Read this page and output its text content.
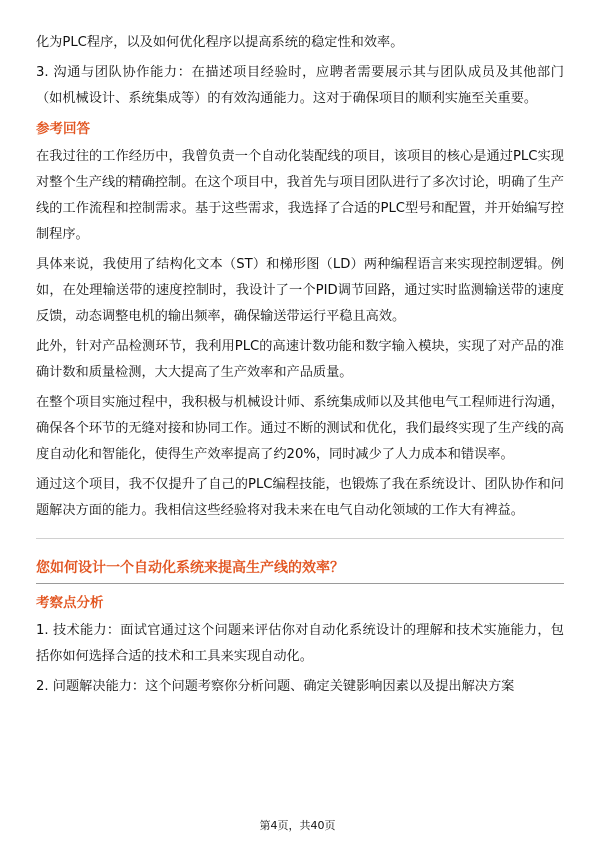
化为PLC程序，以及如何优化程序以提高系统的稳定性和效率。

3. 沟通与团队协作能力：在描述项目经验时，应聘者需要展示其与团队成员及其他部门（如机械设计、系统集成等）的有效沟通能力。这对于确保项目的顺利实施至关重要。

参考回答

在我过往的工作经历中，我曾负责一个自动化装配线的项目，该项目的核心是通过PLC实现对整个生产线的精确控制。在这个项目中，我首先与项目团队进行了多次讨论，明确了生产线的工作流程和控制需求。基于这些需求，我选择了合适的PLC型号和配置，并开始编写控制程序。

具体来说，我使用了结构化文本（ST）和梯形图（LD）两种编程语言来实现控制逻辑。例如，在处理输送带的速度控制时，我设计了一个PID调节回路，通过实时监测输送带的速度反馈，动态调整电机的输出频率，确保输送带运行平稳且高效。

此外，针对产品检测环节，我利用PLC的高速计数功能和数字输入模块，实现了对产品的准确计数和质量检测，大大提高了生产效率和产品质量。

在整个项目实施过程中，我积极与机械设计师、系统集成师以及其他电气工程师进行沟通，确保各个环节的无缝对接和协同工作。通过不断的测试和优化，我们最终实现了生产线的高度自动化和智能化，使得生产效率提高了约20%，同时减少了人力成本和错误率。

通过这个项目，我不仅提升了自己的PLC编程技能，也锻炼了我在系统设计、团队协作和问题解决方面的能力。我相信这些经验将对我未来在电气自动化领域的工作大有裨益。

您如何设计一个自动化系统来提高生产线的效率？
考察点分析

1. 技术能力：面试官通过这个问题来评估你对自动化系统设计的理解和技术实施能力，包括你如何选择合适的技术和工具来实现自动化。

2. 问题解决能力：这个问题考察你分析问题、确定关键影响因素以及提出解决方案

第4页，共40页
